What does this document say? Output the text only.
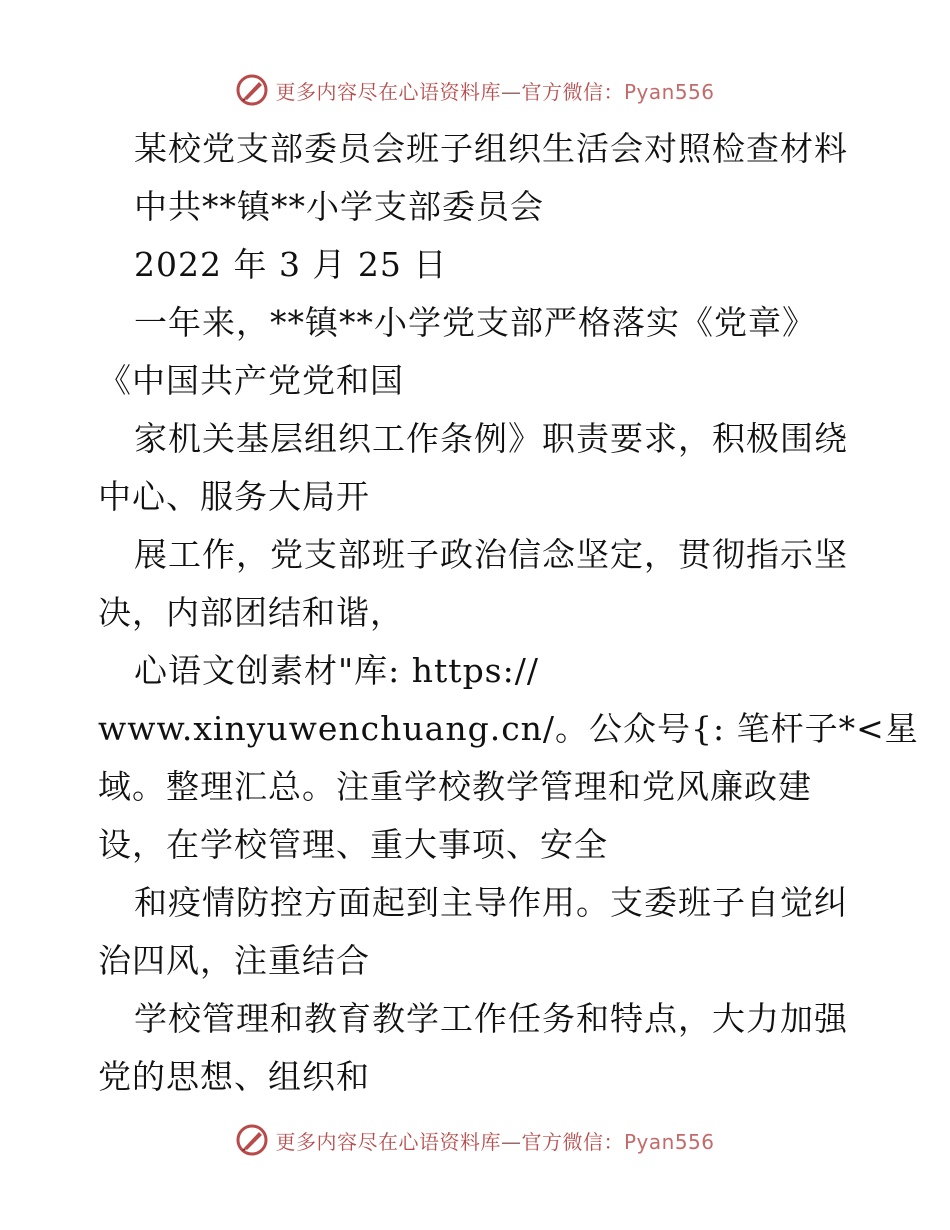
更多内容尽在心语资料库—官方微信：Pyan556
某校党支部委员会班子组织生活会对照检查材料
中共**镇**小学支部委员会
2022 年 3 月 25 日
一年来，**镇**小学党支部严格落实《党章》
《中国共产党党和国
家机关基层组织工作条例》职责要求，积极围绕
中心、服务大局开
展工作，党支部班子政治信念坚定，贯彻指示坚
决，内部团结和谐，
心语文创素材"库: https://
www.xinyuwenchuang.cn/。公众号{: 笔杆子*<星
域。整理汇总。注重学校教学管理和党风廉政建
设，在学校管理、重大事项、安全
和疫情防控方面起到主导作用。支委班子自觉纠
治四风，注重结合
学校管理和教育教学工作任务和特点，大力加强
党的思想、组织和
更多内容尽在心语资料库—官方微信：Pyan556
